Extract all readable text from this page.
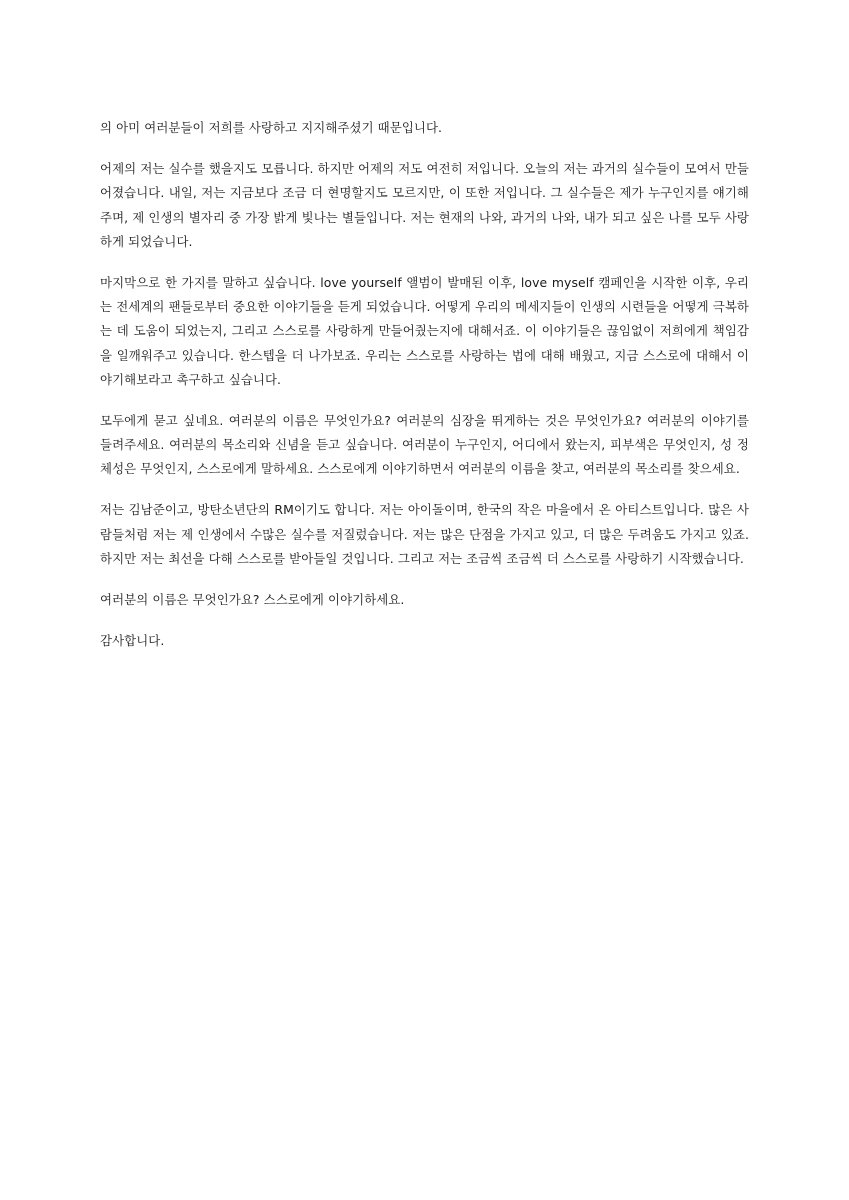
의 아미 여러분들이 저희를 사랑하고 지지해주셨기 때문입니다.

어제의 저는 실수를 했을지도 모릅니다. 하지만 어제의 저도 여전히 저입니다. 오늘의 저는 과거의 실수들이 모여서 만들어졌습니다. 내일, 저는 지금보다 조금 더 현명할지도 모르지만, 이 또한 저입니다. 그 실수들은 제가 누구인지를 얘기해주며, 제 인생의 별자리 중 가장 밝게 빛나는 별들입니다. 저는 현재의 나와, 과거의 나와, 내가 되고 싶은 나를 모두 사랑하게 되었습니다.

마지막으로 한 가지를 말하고 싶습니다. love yourself 앨범이 발매된 이후, love myself 캠페인을 시작한 이후, 우리는 전세계의 팬들로부터 중요한 이야기들을 듣게 되었습니다. 어떻게 우리의 메세지들이 인생의 시련들을 어떻게 극복하는 데 도움이 되었는지, 그리고 스스로를 사랑하게 만들어줬는지에 대해서죠. 이 이야기들은 끊임없이 저희에게 책임감을 일깨워주고 있습니다. 한스텝을 더 나가보죠. 우리는 스스로를 사랑하는 법에 대해 배웠고, 지금 스스로에 대해서 이야기해보라고 촉구하고 싶습니다.

모두에게 묻고 싶네요. 여러분의 이름은 무엇인가요? 여러분의 심장을 뛰게하는 것은 무엇인가요? 여러분의 이야기를 들려주세요. 여러분의 목소리와 신념을 듣고 싶습니다. 여러분이 누구인지, 어디에서 왔는지, 피부색은 무엇인지, 성 정체성은 무엇인지, 스스로에게 말하세요. 스스로에게 이야기하면서 여러분의 이름을 찾고, 여러분의 목소리를 찾으세요.

저는 김남준이고, 방탄소년단의 RM이기도 합니다. 저는 아이돌이며, 한국의 작은 마을에서 온 아티스트입니다. 많은 사람들처럼 저는 제 인생에서 수많은 실수를 저질렀습니다. 저는 많은 단점을 가지고 있고, 더 많은 두려움도 가지고 있죠. 하지만 저는 최선을 다해 스스로를 받아들일 것입니다. 그리고 저는 조금씩 조금씩 더 스스로를 사랑하기 시작했습니다.

여러분의 이름은 무엇인가요? 스스로에게 이야기하세요.

감사합니다.
